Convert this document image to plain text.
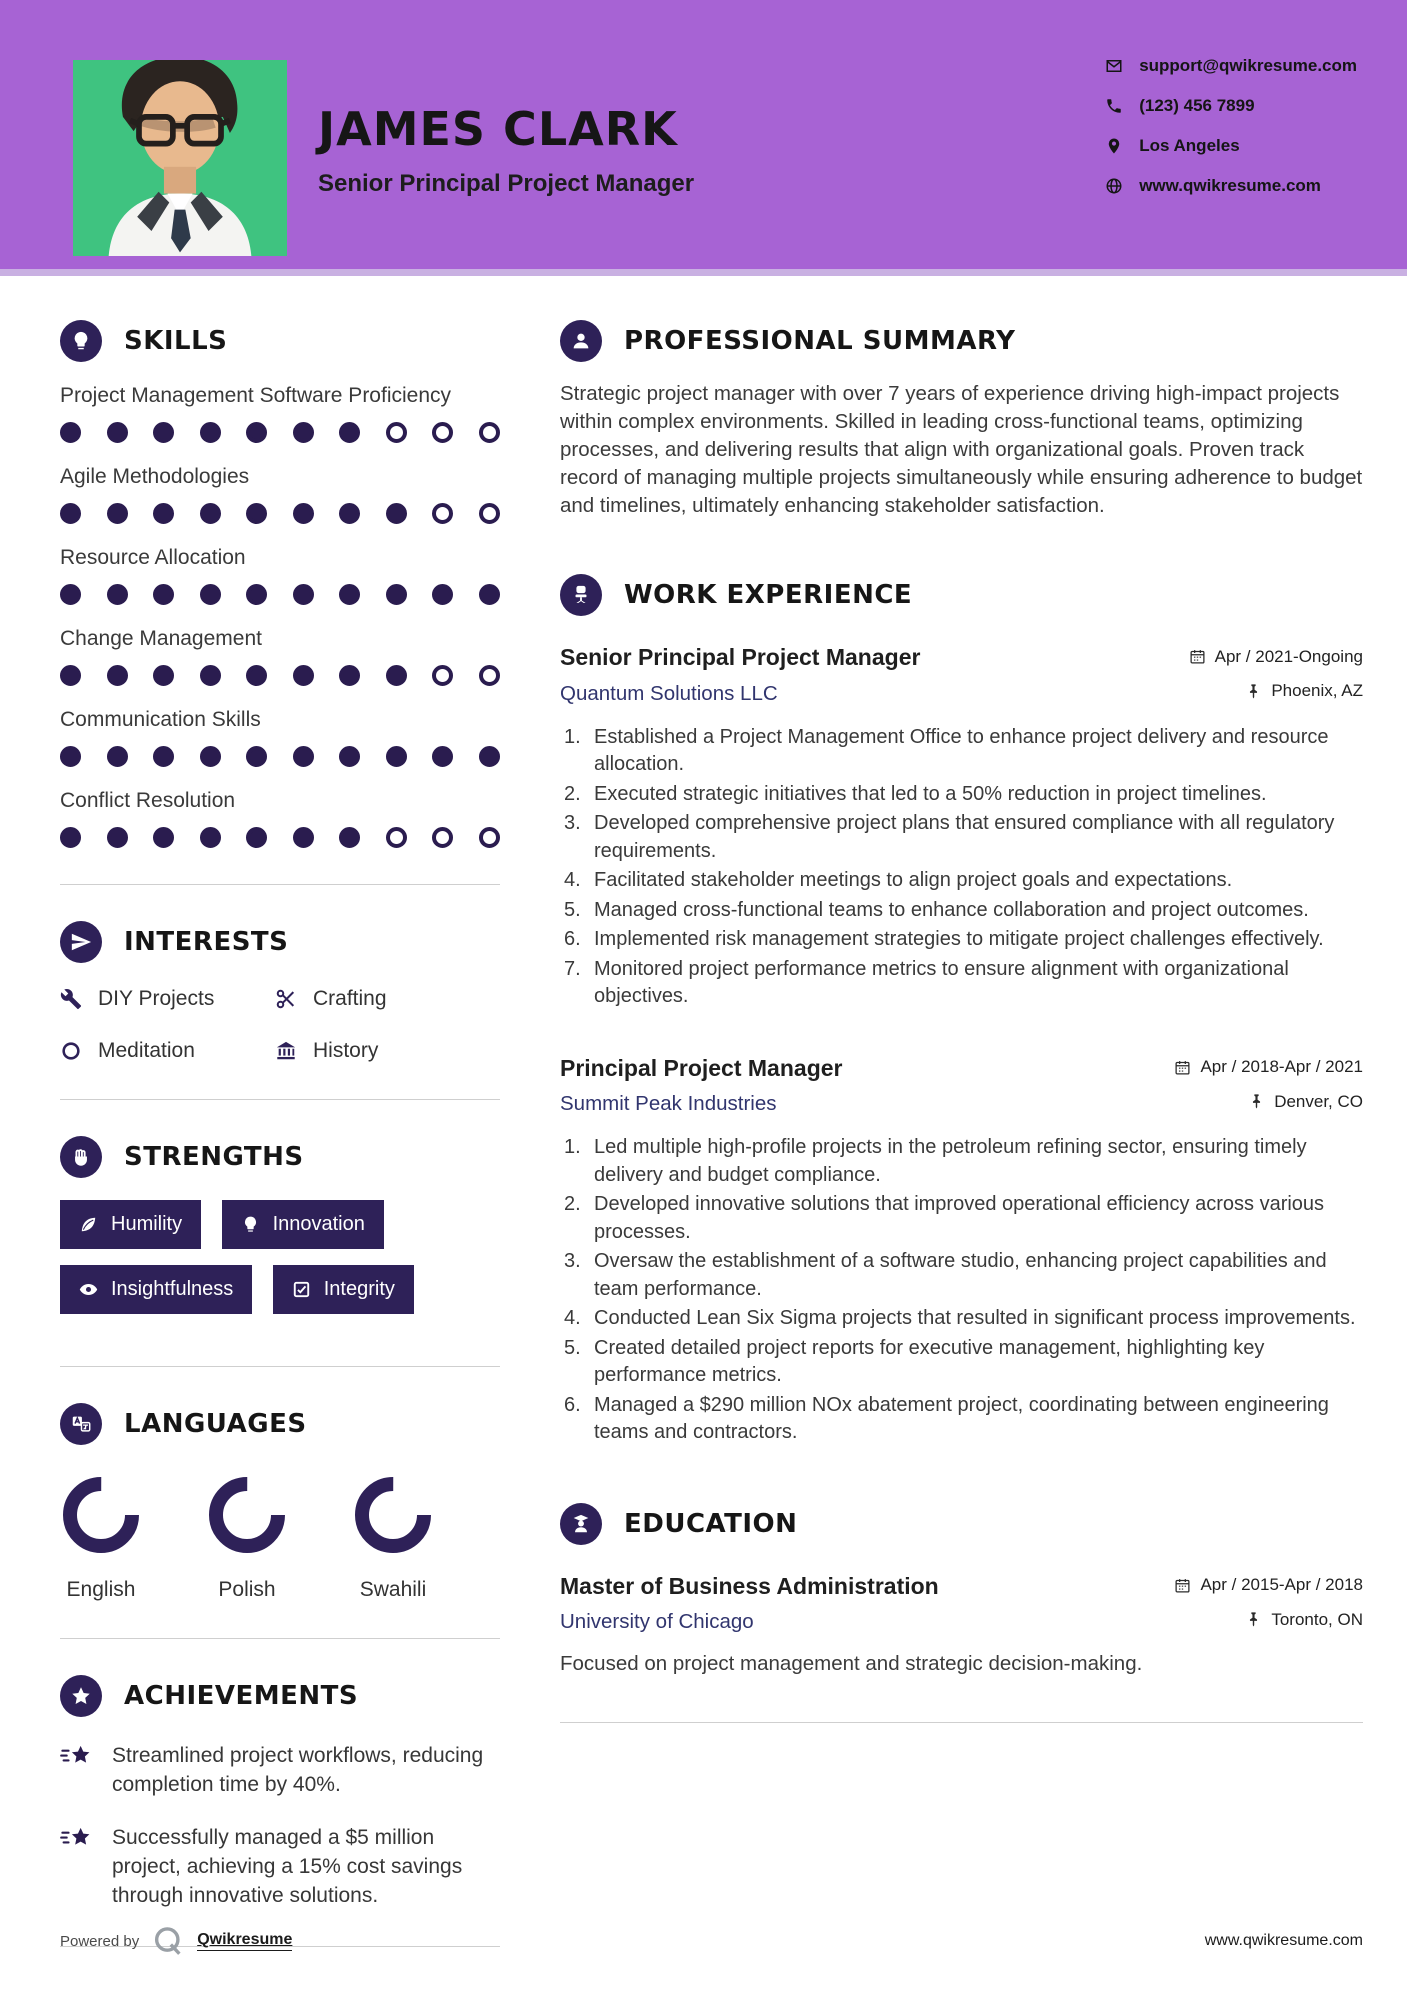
JAMES CLARK
Senior Principal Project Manager
support@qwikresume.com
(123) 456 7899
Los Angeles
www.qwikresume.com
SKILLS
Project Management Software Proficiency
Agile Methodologies
Resource Allocation
Change Management
Communication Skills
Conflict Resolution
INTERESTS
DIY Projects	Crafting
Meditation	History
STRENGTHS
Humility
	Innovation

Insightfulness
	Integrity
LANGUAGES
English	Polish	Swahili
ACHIEVEMENTS
Streamlined project workflows, reducing completion time by 40%.
Successfully managed a $5 million project, achieving a 15% cost savings through innovative solutions.
PROFESSIONAL SUMMARY

Strategic project manager with over 7 years of experience driving high-impact projects within complex environments. Skilled in leading cross-functional teams, optimizing processes, and delivering results that align with organizational goals. Proven track record of managing multiple projects simultaneously while ensuring adherence to budget and timelines, ultimately enhancing stakeholder satisfaction.

WORK EXPERIENCE
Senior Principal Project Manager	Apr / 2021-Ongoing
Quantum Solutions LLC	Phoenix, AZ
Established a Project Management Office to enhance project delivery and resource allocation.
Executed strategic initiatives that led to a 50% reduction in project timelines.
Developed comprehensive project plans that ensured compliance with all regulatory requirements.
Facilitated stakeholder meetings to align project goals and expectations.
Managed cross-functional teams to enhance collaboration and project outcomes.
Implemented risk management strategies to mitigate project challenges effectively.
Monitored project performance metrics to ensure alignment with organizational objectives.
Principal Project Manager	Apr / 2018-Apr / 2021
Summit Peak Industries	Denver, CO
Led multiple high-profile projects in the petroleum refining sector, ensuring timely delivery and budget compliance.
Developed innovative solutions that improved operational efficiency across various processes.
Oversaw the establishment of a software studio, enhancing project capabilities and team performance.
Conducted Lean Six Sigma projects that resulted in significant process improvements.
Created detailed project reports for executive management, highlighting key performance metrics.
Managed a $290 million NOx abatement project, coordinating between engineering teams and contractors.
EDUCATION
Master of Business Administration	Apr / 2015-Apr / 2018
University of Chicago	Toronto, ON

Focused on project management and strategic decision-making.

Powered by	Qwikresume	www.qwikresume.com
